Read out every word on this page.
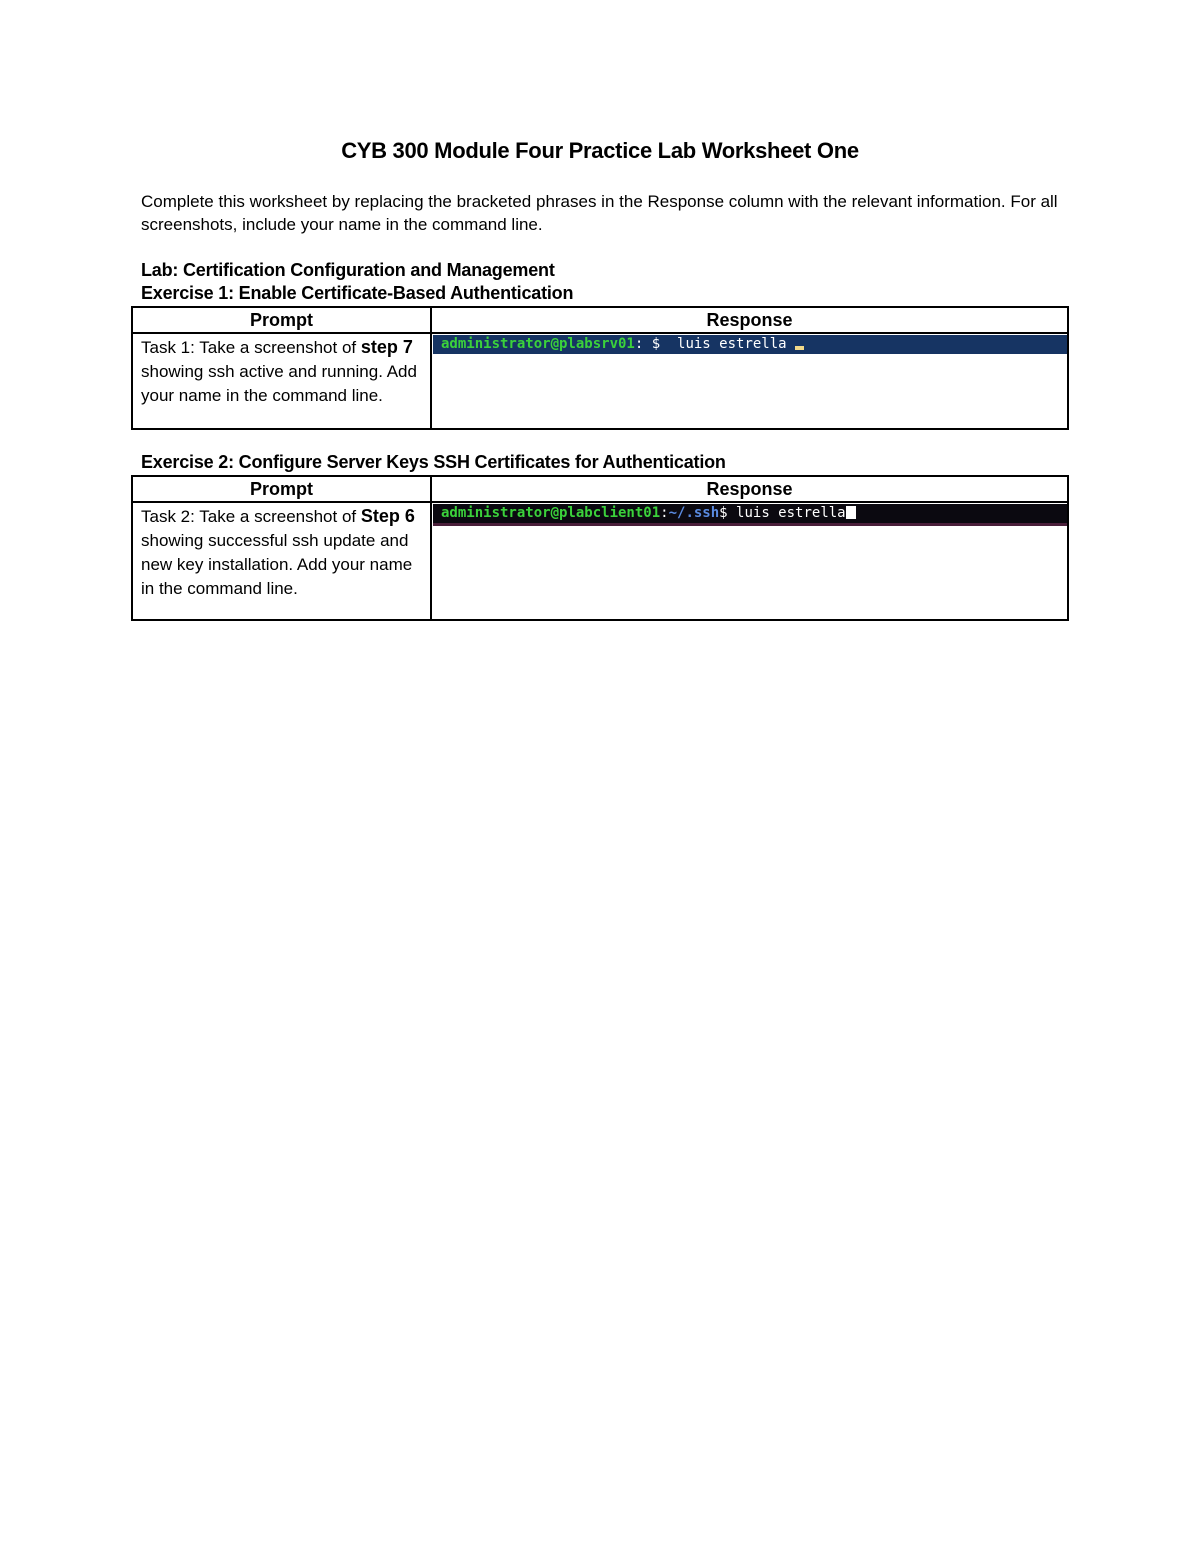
CYB 300 Module Four Practice Lab Worksheet One
Complete this worksheet by replacing the bracketed phrases in the Response column with the relevant information. For all screenshots, include your name in the command line.
Lab: Certification Configuration and Management
Exercise 1: Enable Certificate-Based Authentication
Prompt	Response

Task 1: Take a screenshot of step 7 showing ssh active and running. Add your name in the command line.	administrator@plabsrv01: $  luis estrella
Exercise 2: Configure Server Keys SSH Certificates for Authentication
Prompt	Response

Task 2: Take a screenshot of Step 6 showing successful ssh update and new key installation. Add your name in the command line.	administrator@plabclient01:~/.ssh$ luis estrella
